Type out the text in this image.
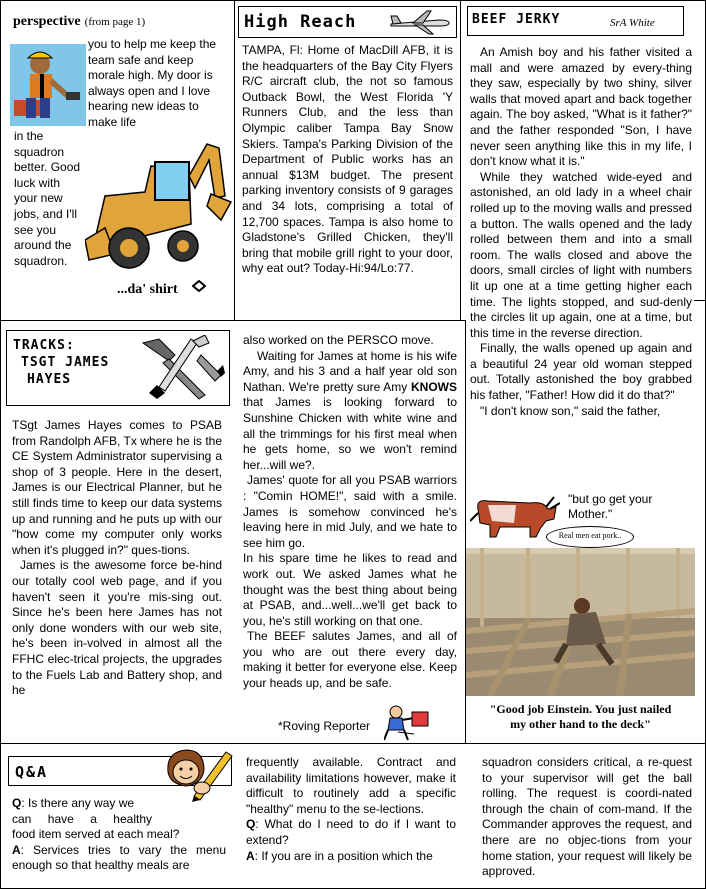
perspective (from page 1)
you to help me keep the team safe and keep morale high. My door is always open and I love hearing new ideas to make life
in the squadron better. Good luck with your new jobs, and I'll see you around the squadron.
...da' shirt
High Reach
TAMPA, Fl: Home of MacDill AFB, it is the headquarters of the Bay City Flyers R/C aircraft club, the not so famous Outback Bowl, the West Florida 'Y Runners Club, and the less than Olympic caliber Tampa Bay Snow Skiers. Tampa's Parking Division of the Department of Public works has an annual $13M budget. The present parking inventory consists of 9 garages and 34 lots, comprising a total of 12,700 spaces. Tampa is also home to Gladstone's Grilled Chicken, they'll bring that mobile grill right to your door, why eat out? Today-Hi:94/Lo:77.
BEEF JERKY	SrA White

An Amish boy and his father visited a mall and were amazed by every-thing they saw, especially by two shiny, silver walls that moved apart and back together again. The boy asked, "What is it father?" and the father responded "Son, I have never seen anything like this in my life, I don't know what it is."

While they watched wide-eyed and astonished, an old lady in a wheel chair rolled up to the moving walls and pressed a button. The walls opened and the lady rolled between them and into a small room. The walls closed and above the doors, small circles of light with numbers lit up one at a time getting higher each time. The lights stopped, and sud-denly the circles lit up again, one at a time, but this time in the reverse direction.

Finally, the walls opened up again and a beautiful 24 year old woman stepped out. Totally astonished the boy grabbed his father, "Father! How did it do that?"

"I don't know son," said the father,

"but go get your
Mother."
Real men eat pork..
"Good job Einstein. You just nailed
my other hand to the deck"
TRACKS:
TSGT JAMES
HAYES

TSgt James Hayes comes to PSAB from Randolph AFB, Tx where he is the CE System Administrator supervising a shop of 3 people. Here in the desert, James is our Electrical Planner, but he still finds time to keep our data systems up and running and he puts up with our "how come my computer only works when it's plugged in?" ques-tions.

James is the awesome force be-hind our totally cool web page, and if you haven't seen it you're mis-sing out. Since he's been here James has not only done wonders with our web site, he's been in-volved in almost all the FFHC elec-trical projects, the upgrades to the Fuels Lab and Battery shop, and he

also worked on the PERSCO move.

Waiting for James at home is his wife Amy, and his 3 and a half year old son Nathan. We're pretty sure Amy KNOWS that James is looking forward to Sunshine Chicken with white wine and all the trimmings for his first meal when he gets home, so we won't remind her...will we?.

James' quote for all you PSAB warriors : "Comin HOME!", said with a smile. James is somehow convinced he's leaving here in mid July, and we hate to see him go.

In his spare time he likes to read and work out. We asked James what he thought was the best thing about being at PSAB, and...well...we'll get back to you, he's still working on that one.

The BEEF salutes James, and all of you who are out there every day, making it better for everyone else. Keep your heads up, and be safe.

*Roving Reporter
Q&A
Q: Is there any way we
can have a healthy
food item served at each meal?
A: Services tries to vary the menu enough so that healthy meals are

frequently available. Contract and availability limitations however, make it difficult to routinely add a specific "healthy" menu to the se-lections.

Q: What do I need to do if I want to extend?

A: If you are in a position which the

squadron considers critical, a re-quest to your supervisor will get the ball rolling. The request is coordi-nated through the chain of com-mand. If the Commander approves the request, and there are no objec-tions from your home station, your request will likely be approved.
